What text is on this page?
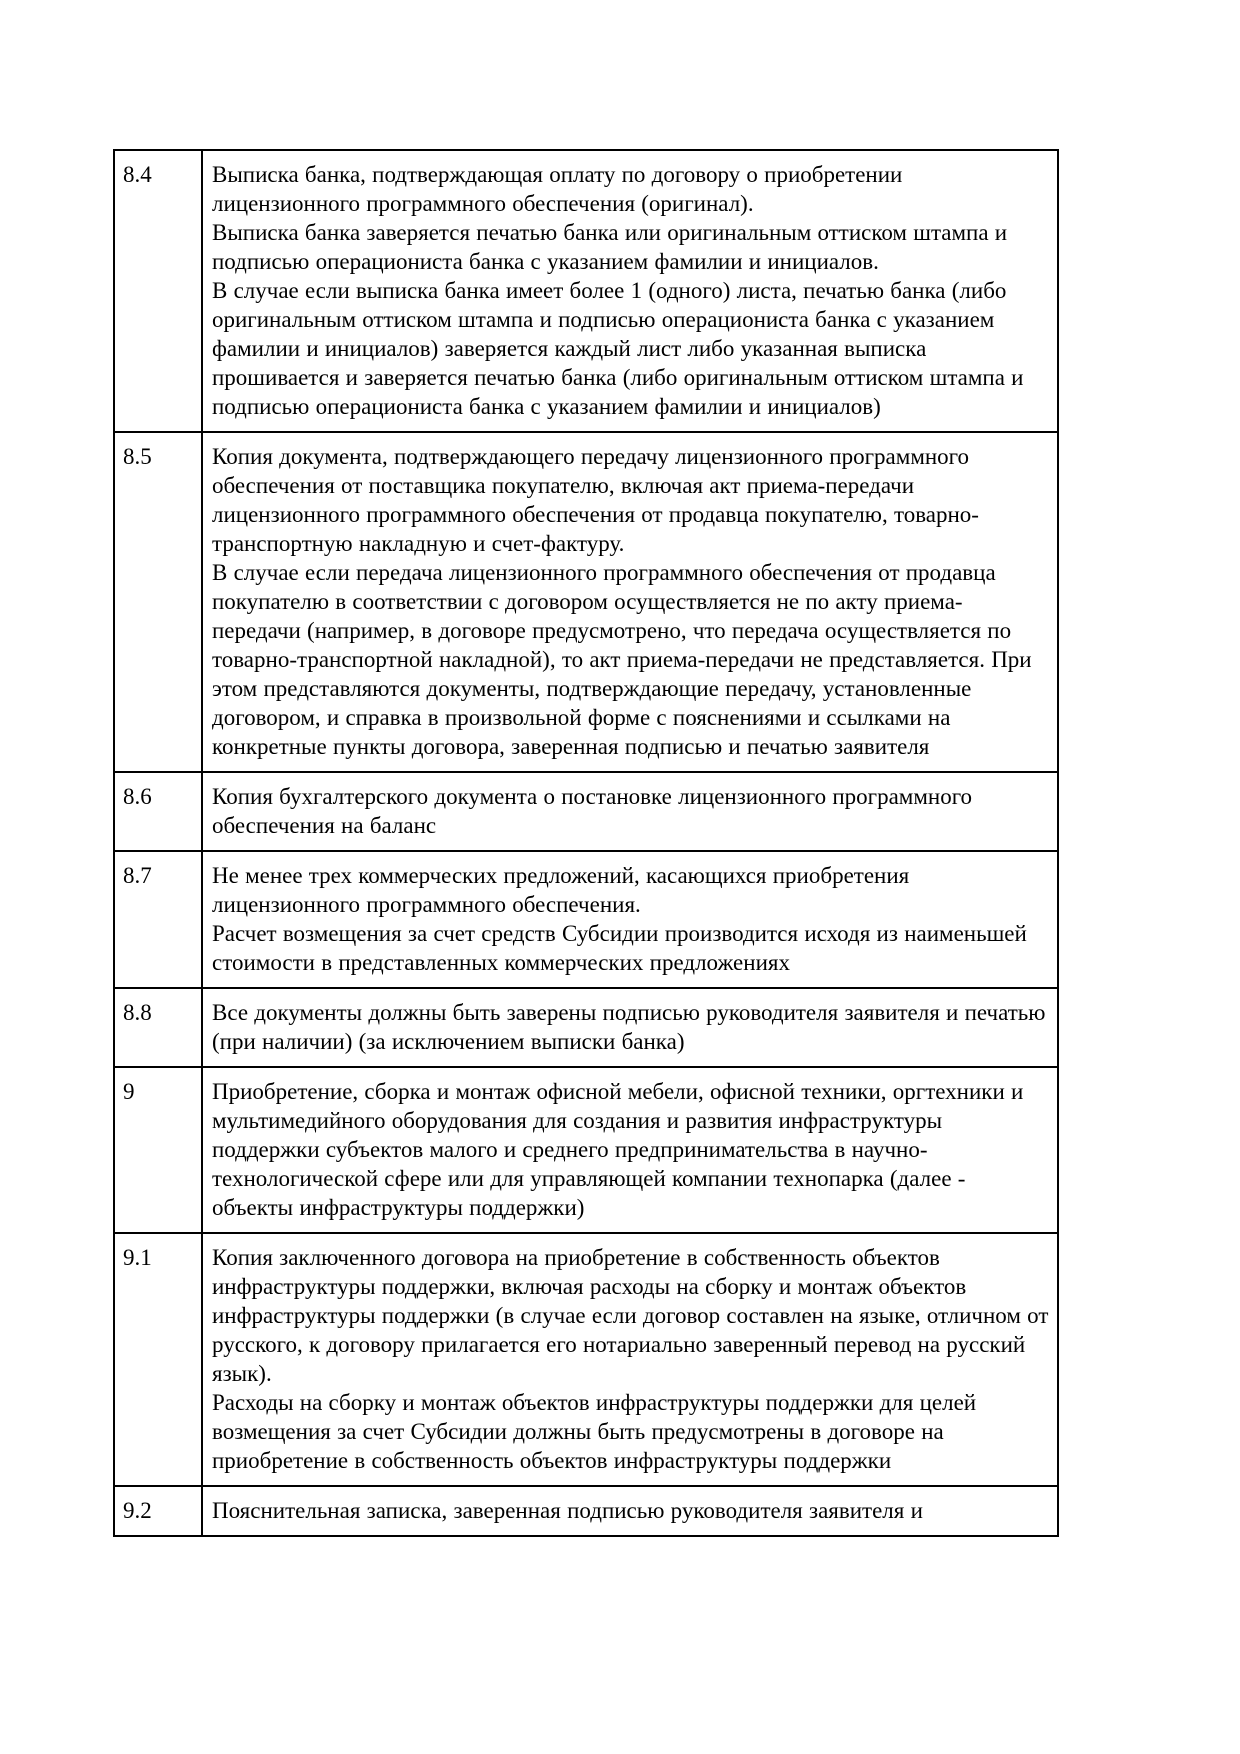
8.4	Выписка банка, подтверждающая оплату по договору о приобретении лицензионного программного обеспечения (оригинал).
Выписка банка заверяется печатью банка или оригинальным оттиском штампа и подписью операциониста банка с указанием фамилии и инициалов.
В случае если выписка банка имеет более 1 (одного) листа, печатью банка (либо оригинальным оттиском штампа и подписью операциониста банка с указанием фамилии и инициалов) заверяется каждый лист либо указанная выписка прошивается и заверяется печатью банка (либо оригинальным оттиском штампа и подписью операциониста банка с указанием фамилии и инициалов)

8.5	Копия документа, подтверждающего передачу лицензионного программного обеспечения от поставщика покупателю, включая акт приема-передачи лицензионного программного обеспечения от продавца покупателю, товарно-транспортную накладную и счет-фактуру.
В случае если передача лицензионного программного обеспечения от продавца покупателю в соответствии с договором осуществляется не по акту приема-передачи (например, в договоре предусмотрено, что передача осуществляется по товарно-транспортной накладной), то акт приема-передачи не представляется. При этом представляются документы, подтверждающие передачу, установленные договором, и справка в произвольной форме с пояснениями и ссылками на конкретные пункты договора, заверенная подписью и печатью заявителя

8.6	Копия бухгалтерского документа о постановке лицензионного программного обеспечения на баланс

8.7	Не менее трех коммерческих предложений, касающихся приобретения лицензионного программного обеспечения.
Расчет возмещения за счет средств Субсидии производится исходя из наименьшей стоимости в представленных коммерческих предложениях

8.8	Все документы должны быть заверены подписью руководителя заявителя и печатью (при наличии) (за исключением выписки банка)

9	Приобретение, сборка и монтаж офисной мебели, офисной техники, оргтехники и мультимедийного оборудования для создания и развития инфраструктуры поддержки субъектов малого и среднего предпринимательства в научно-технологической сфере или для управляющей компании технопарка (далее - объекты инфраструктуры поддержки)

9.1	Копия заключенного договора на приобретение в собственность объектов инфраструктуры поддержки, включая расходы на сборку и монтаж объектов инфраструктуры поддержки (в случае если договор составлен на языке, отличном от русского, к договору прилагается его нотариально заверенный перевод на русский язык).
Расходы на сборку и монтаж объектов инфраструктуры поддержки для целей возмещения за счет Субсидии должны быть предусмотрены в договоре на приобретение в собственность объектов инфраструктуры поддержки

9.2	Пояснительная записка, заверенная подписью руководителя заявителя и
